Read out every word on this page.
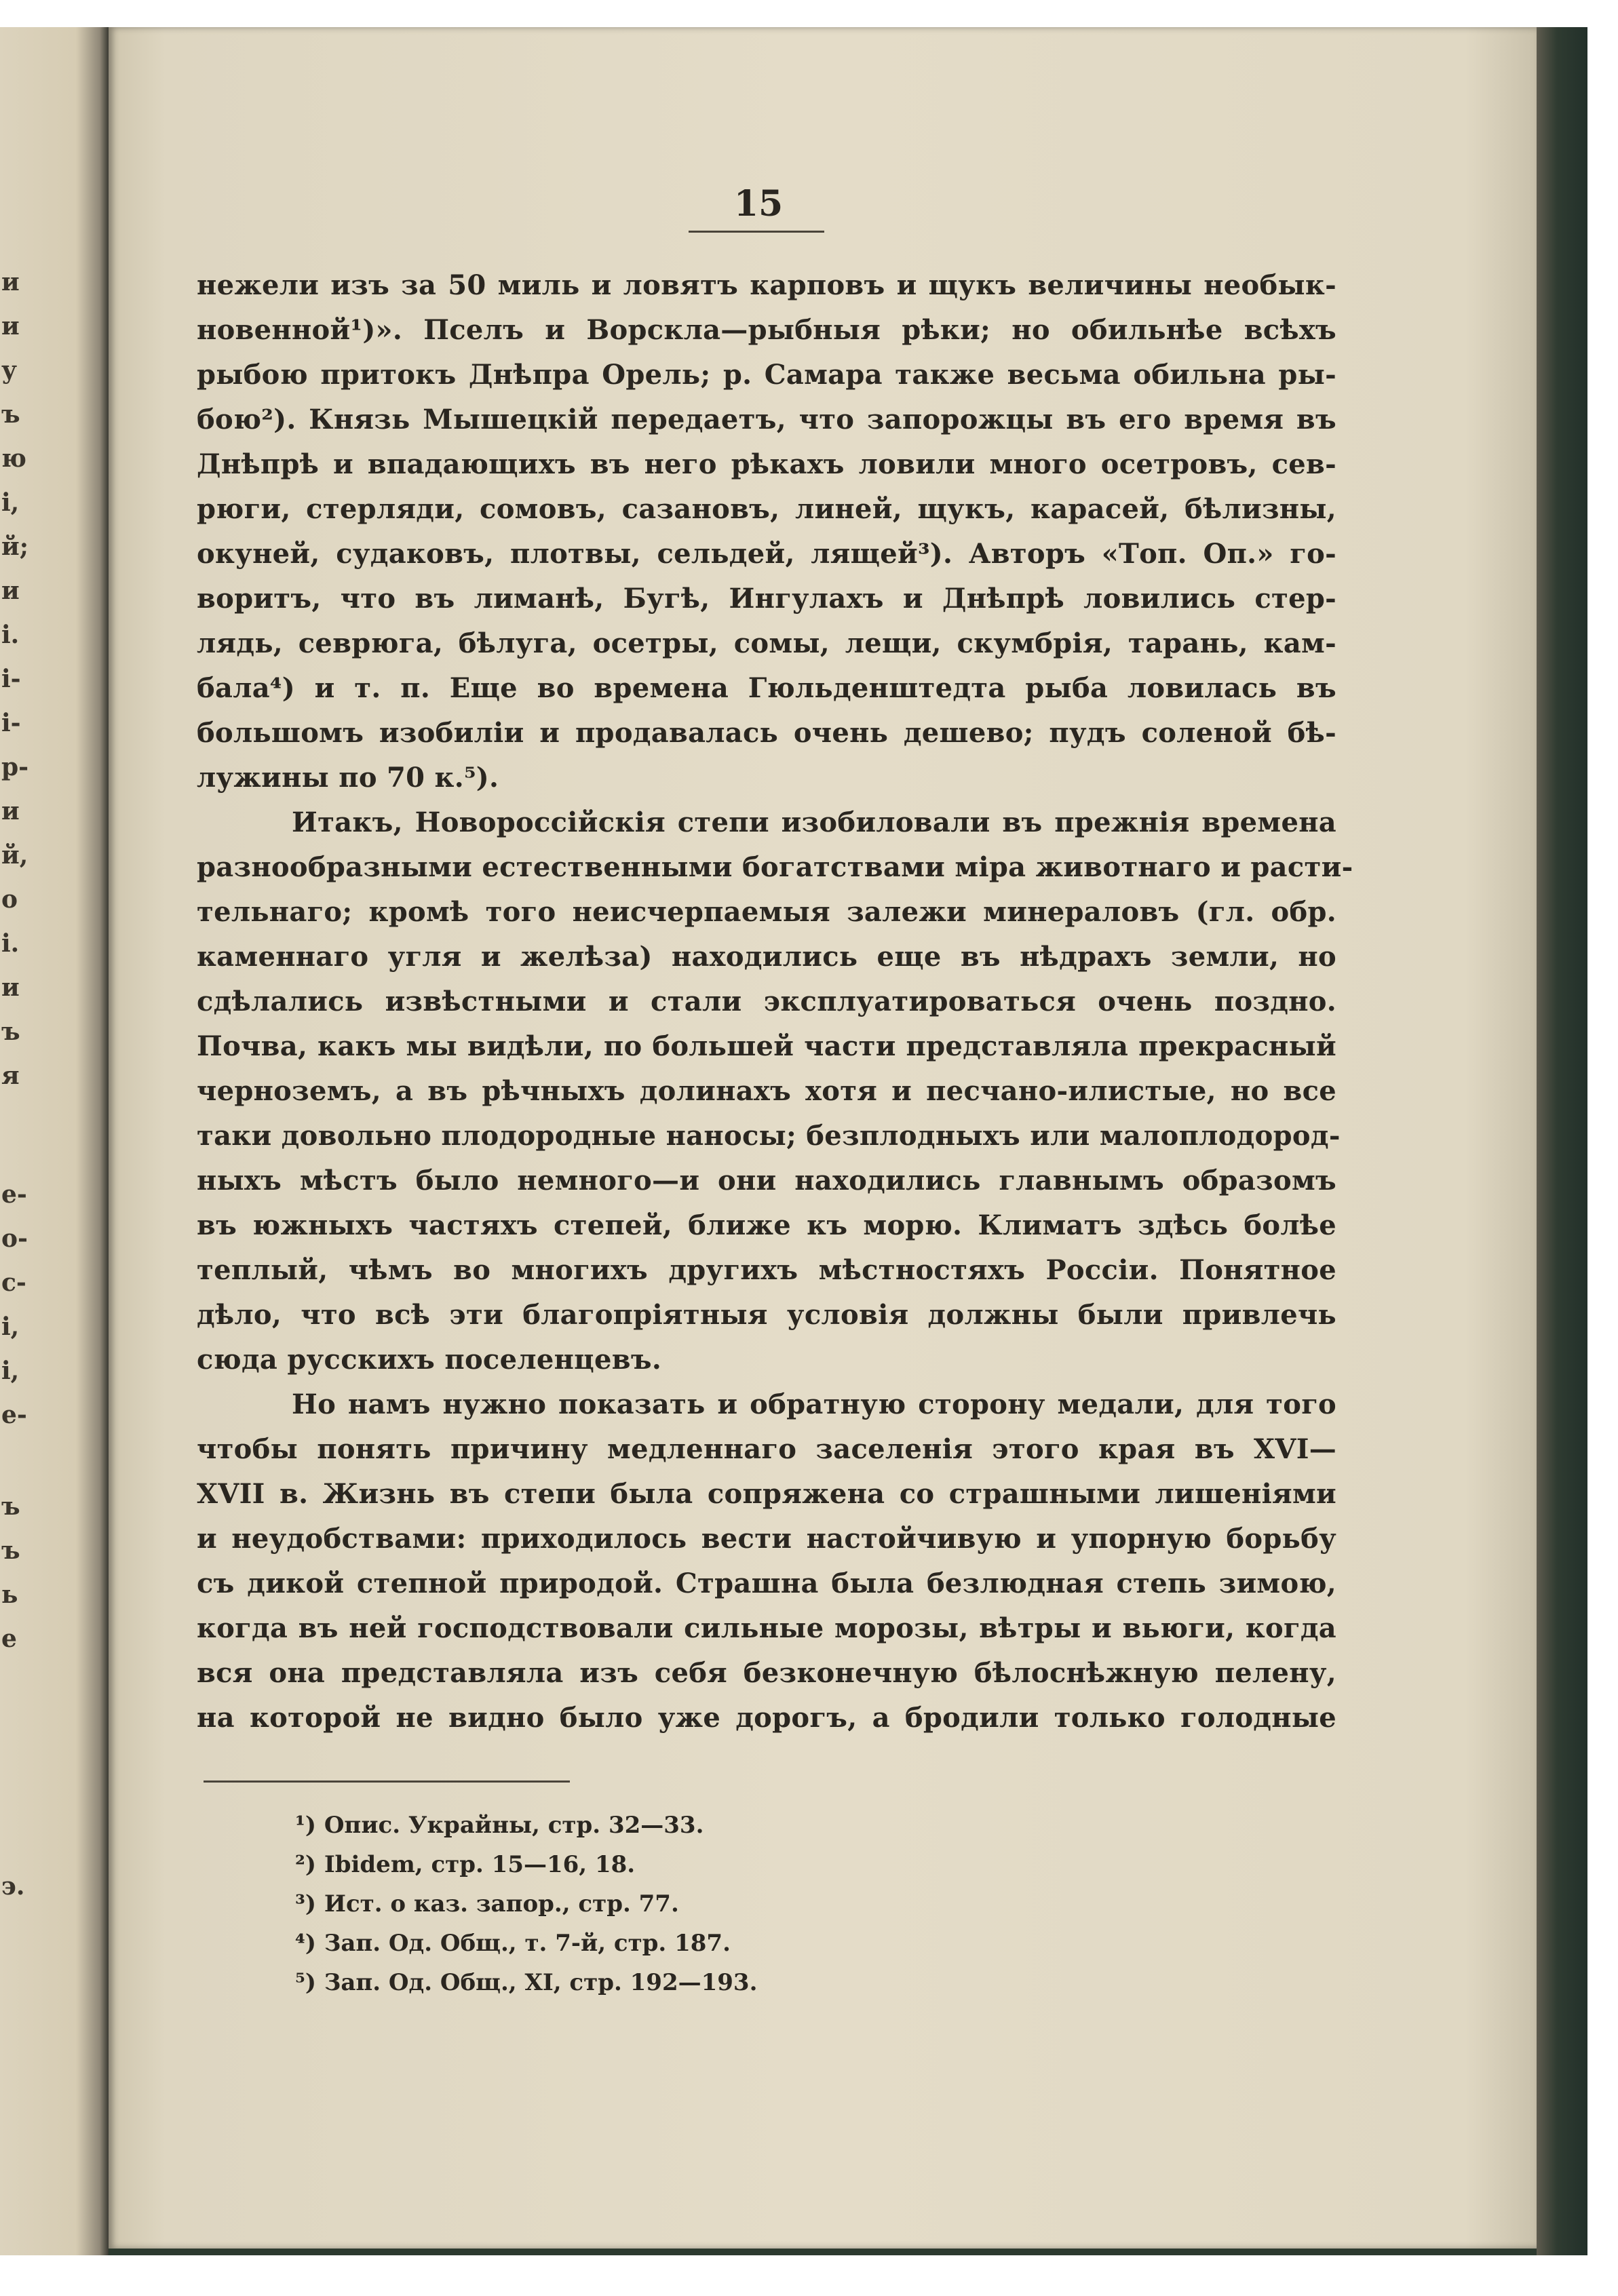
и
и
у
ъ
ю
і,
й;
и
і.
і-
і-
р-
и
й,
о
і.
и
ъ
я
е-
о-
с-
і,
і,
е-
ъ
ъ
ь
е
э.
15
нежели изъ за 50 миль и ловятъ карповъ и щукъ величины необык-
новенной¹)». Пселъ и Ворскла—рыбныя рѣки; но обильнѣе всѣхъ
рыбою притокъ Днѣпра Орель; р. Самара также весьма обильна ры-
бою²). Князь Мышецкій передаетъ, что запорожцы въ его время въ
Днѣпрѣ и впадающихъ въ него рѣкахъ ловили много осетровъ, сев-
рюги, стерляди, сомовъ, сазановъ, линей, щукъ, карасей, бѣлизны,
окуней, судаковъ, плотвы, сельдей, лящей³). Авторъ «Топ. Оп.» го-
воритъ, что въ лиманѣ, Бугѣ, Ингулахъ и Днѣпрѣ ловились стер-
лядь, севрюга, бѣлуга, осетры, сомы, лещи, скумбрія, тарань, кам-
бала⁴) и т. п. Еще во времена Гюльденштедта рыба ловилась въ
большомъ изобиліи и продавалась очень дешево; пудъ соленой бѣ-
лужины по 70 к.⁵).
Итакъ, Новороссійскія степи изобиловали въ прежнія времена
разнообразными естественными богатствами міра животнаго и расти-
тельнаго; кромѣ того неисчерпаемыя залежи минераловъ (гл. обр.
каменнаго угля и желѣза) находились еще въ нѣдрахъ земли, но
сдѣлались извѣстными и стали эксплуатироваться очень поздно.
Почва, какъ мы видѣли, по большей части представляла прекрасный
черноземъ, а въ рѣчныхъ долинахъ хотя и песчано-илистые, но все
таки довольно плодородные наносы; безплодныхъ или малоплодород-
ныхъ мѣстъ было немного—и они находились главнымъ образомъ
въ южныхъ частяхъ степей, ближе къ морю. Климатъ здѣсь болѣе
теплый, чѣмъ во многихъ другихъ мѣстностяхъ Россіи. Понятное
дѣло, что всѣ эти благопріятныя условія должны были привлечь
сюда русскихъ поселенцевъ.
Но намъ нужно показать и обратную сторону медали, для того
чтобы понять причину медленнаго заселенія этого края въ XVI—
XVII в. Жизнь въ степи была сопряжена со страшными лишеніями
и неудобствами: приходилось вести настойчивую и упорную борьбу
съ дикой степной природой. Страшна была безлюдная степь зимою,
когда въ ней господствовали сильные морозы, вѣтры и вьюги, когда
вся она представляла изъ себя безконечную бѣлоснѣжную пелену,
на которой не видно было уже дорогъ, а бродили только голодные
¹) Опис. Украйны, стр. 32—33.
²) Ibidem, стр. 15—16, 18.
³) Ист. о каз. запор., стр. 77.
⁴) Зап. Од. Общ., т. 7-й, стр. 187.
⁵) Зап. Од. Общ., XI, стр. 192—193.
